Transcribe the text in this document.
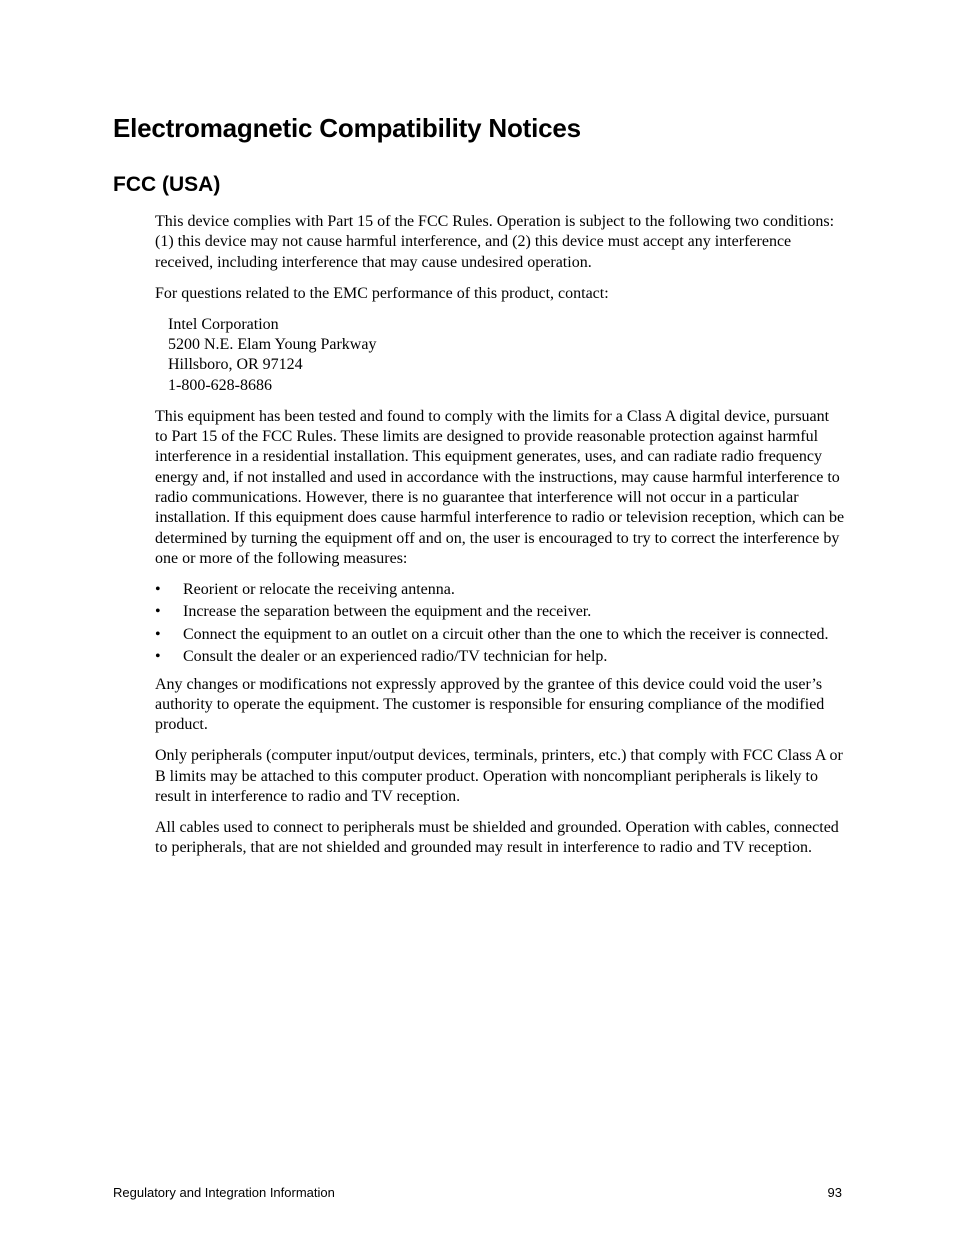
Electromagnetic Compatibility Notices
FCC (USA)

This device complies with Part 15 of the FCC Rules. Operation is subject to the following two conditions: (1) this device may not cause harmful interference, and (2) this device must accept any interference received, including interference that may cause undesired operation.

For questions related to the EMC performance of this product, contact:

Intel Corporation
5200 N.E. Elam Young Parkway
Hillsboro, OR 97124
1-800-628-8686

This equipment has been tested and found to comply with the limits for a Class A digital device, pursuant to Part 15 of the FCC Rules. These limits are designed to provide reasonable protection against harmful interference in a residential installation. This equipment generates, uses, and can radiate radio frequency energy and, if not installed and used in accordance with the instructions, may cause harmful interference to radio communications. However, there is no guarantee that interference will not occur in a particular installation. If this equipment does cause harmful interference to radio or television reception, which can be determined by turning the equipment off and on, the user is encouraged to try to correct the interference by one or more of the following measures:

• Reorient or relocate the receiving antenna.
• Increase the separation between the equipment and the receiver.
• Connect the equipment to an outlet on a circuit other than the one to which the receiver is connected.
• Consult the dealer or an experienced radio/TV technician for help.

Any changes or modifications not expressly approved by the grantee of this device could void the user’s authority to operate the equipment. The customer is responsible for ensuring compliance of the modified product.

Only peripherals (computer input/output devices, terminals, printers, etc.) that comply with FCC Class A or B limits may be attached to this computer product. Operation with noncompliant peripherals is likely to result in interference to radio and TV reception.

All cables used to connect to peripherals must be shielded and grounded. Operation with cables, connected to peripherals, that are not shielded and grounded may result in interference to radio and TV reception.

Regulatory and Integration Information	93
